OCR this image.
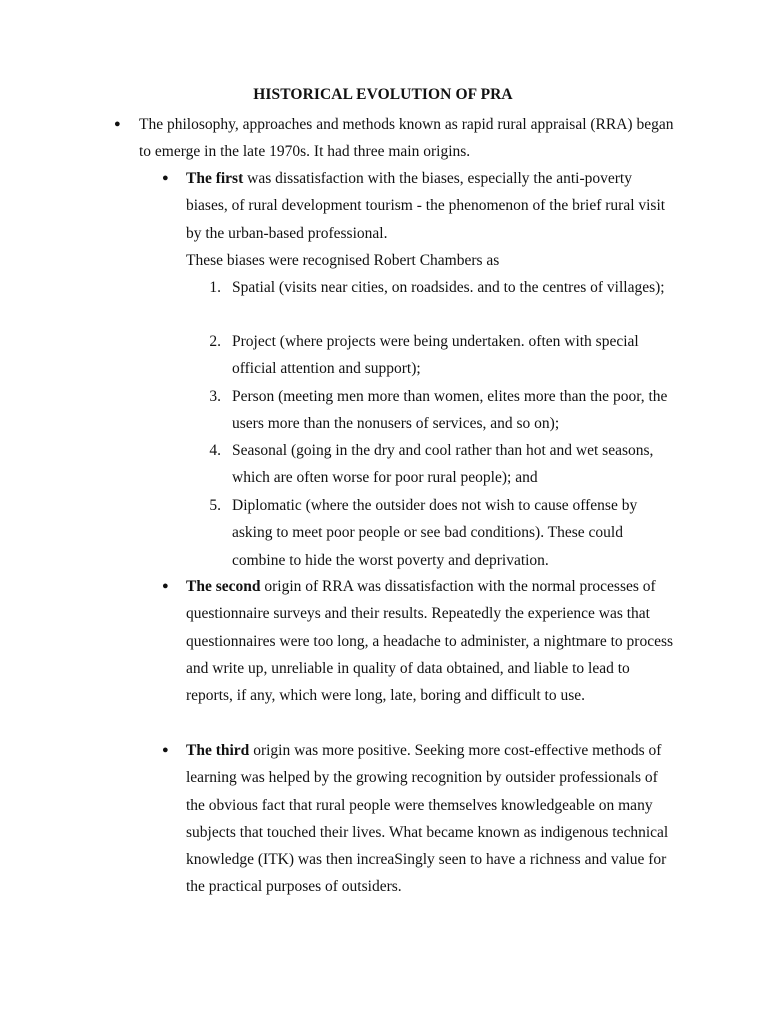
HISTORICAL EVOLUTION OF PRA
● The philosophy, approaches and methods known as rapid rural appraisal (RRA) began to emerge in the late 1970s. It had three main origins.
● The first was dissatisfaction with the biases, especially the anti-poverty biases, of rural development tourism - the phenomenon of the brief rural visit by the urban-based professional.
These biases were recognised Robert Chambers as
1. Spatial (visits near cities, on roadsides. and to the centres of villages);
2. Project (where projects were being undertaken. often with special official attention and support);
3. Person (meeting men more than women, elites more than the poor, the users more than the nonusers of services, and so on);
4. Seasonal (going in the dry and cool rather than hot and wet seasons, which are often worse for poor rural people); and
5. Diplomatic (where the outsider does not wish to cause offense by asking to meet poor people or see bad conditions). These could combine to hide the worst poverty and deprivation.
● The second origin of RRA was dissatisfaction with the normal processes of questionnaire surveys and their results. Repeatedly the experience was that questionnaires were too long, a headache to administer, a nightmare to process and write up, unreliable in quality of data obtained, and liable to lead to reports, if any, which were long, late, boring and difficult to use.
● The third origin was more positive. Seeking more cost-effective methods of learning was helped by the growing recognition by outsider professionals of the obvious fact that rural people were themselves knowledgeable on many subjects that touched their lives. What became known as indigenous technical knowledge (ITK) was then increaSingly seen to have a richness and value for the practical purposes of outsiders.
